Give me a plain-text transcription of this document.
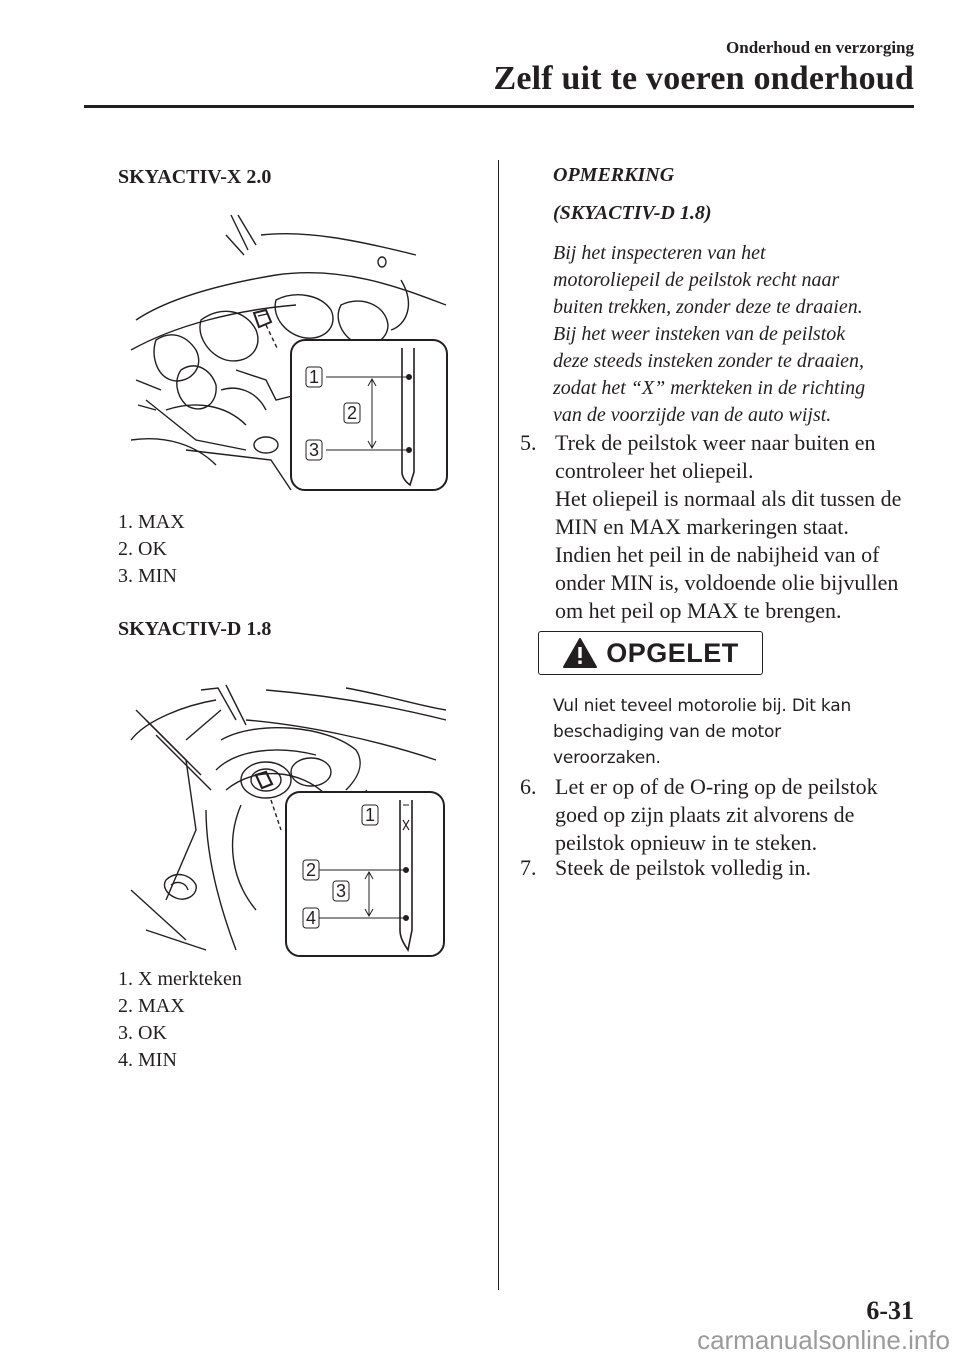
Onderhoud en verzorging
Zelf uit te voeren onderhoud
SKYACTIV-X 2.0
1
2
3
1. MAX
2. OK
3. MIN
SKYACTIV-D 1.8
1
2
3
4
1. X merkteken
2. MAX
3. OK
4. MIN
OPMERKING
(SKYACTIV-D 1.8)
Bij het inspecteren van het
motoroliepeil de peilstok recht naar
buiten trekken, zonder deze te draaien.
Bij het weer insteken van de peilstok
deze steeds insteken zonder te draaien,
zodat het “X” merkteken in de richting
van de voorzijde van de auto wijst.
5. Trek de peilstok weer naar buiten en
controleer het oliepeil.
Het oliepeil is normaal als dit tussen de
MIN en MAX markeringen staat.
Indien het peil in de nabijheid van of
onder MIN is, voldoende olie bijvullen
om het peil op MAX te brengen.
OPGELET
Vul niet teveel motorolie bij. Dit kan
beschadiging van de motor
veroorzaken.
6. Let er op of de O-ring op de peilstok
goed op zijn plaats zit alvorens de
peilstok opnieuw in te steken.
7. Steek de peilstok volledig in.
6-31
carmanualsonline.info
